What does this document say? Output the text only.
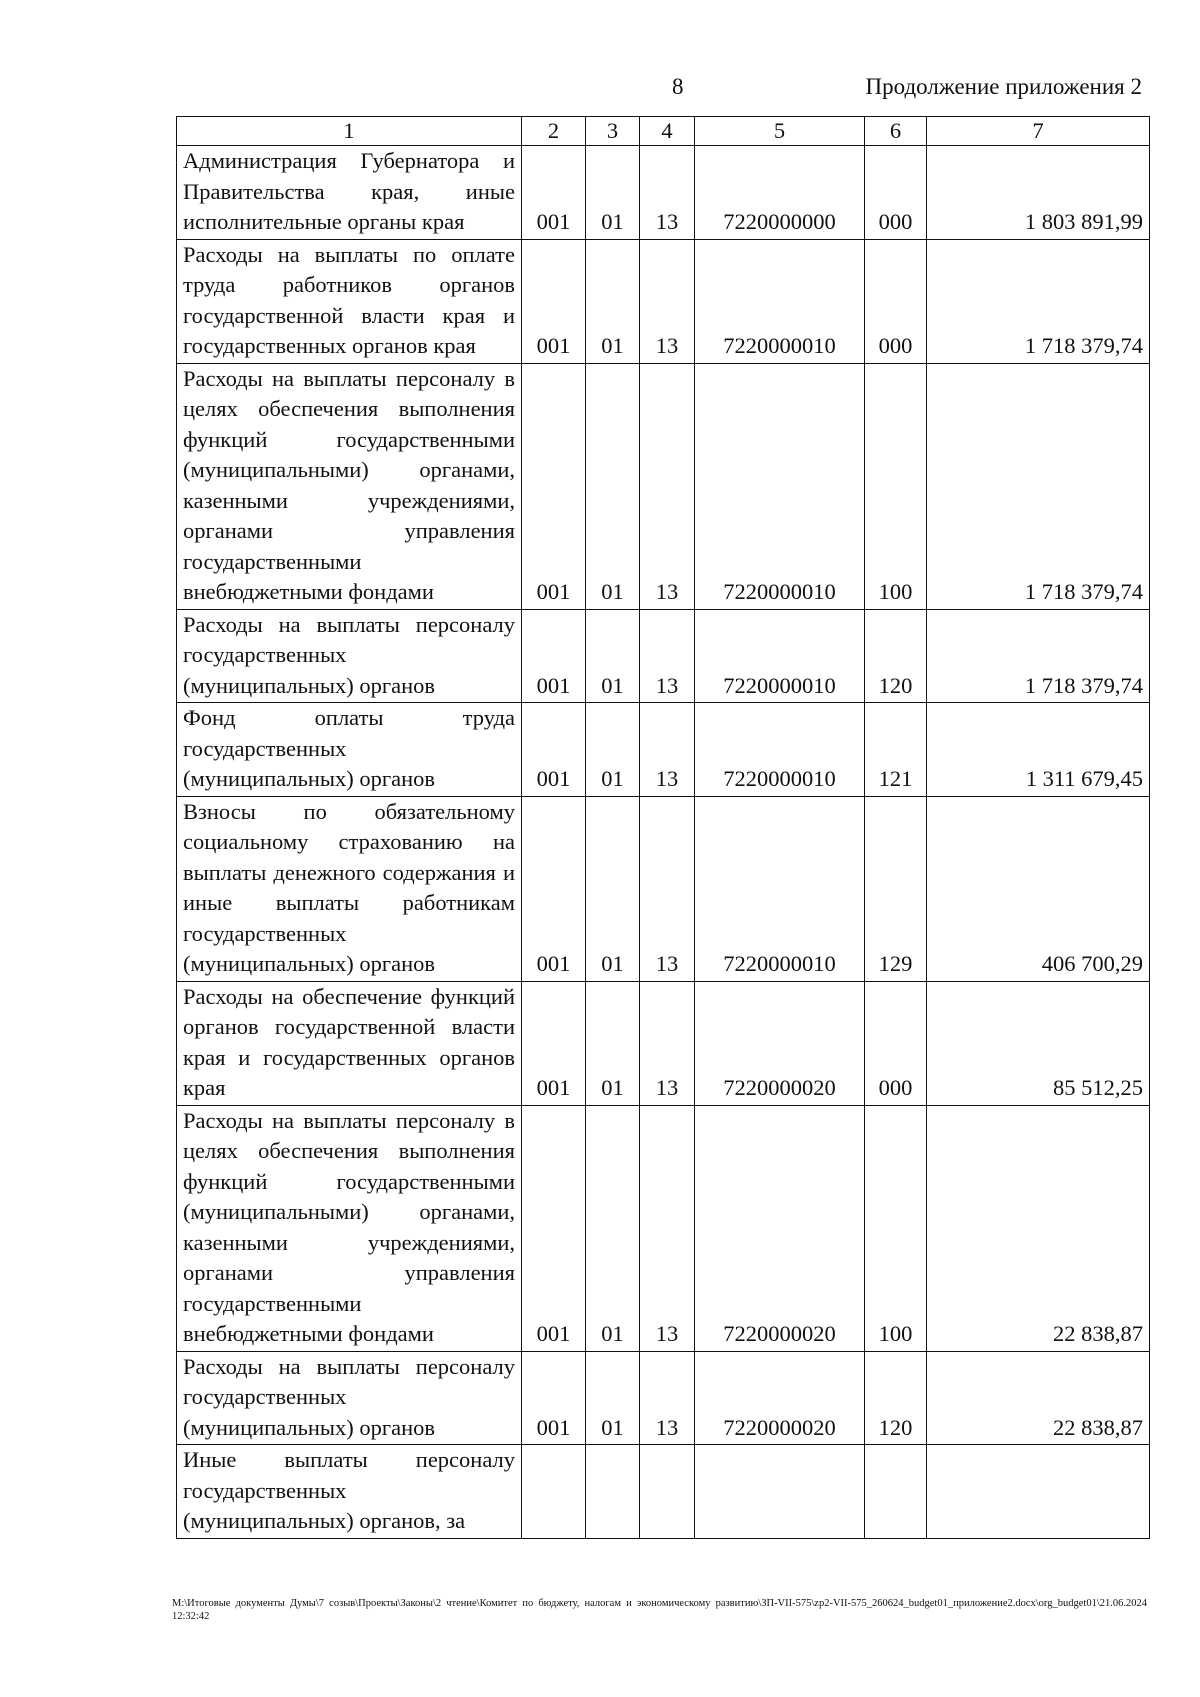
8	Продолжение приложения 2
1	2	3	4	5	6	7
Администрация Губернатора и Правительства края, иные исполнительные органы края	001	01	13	7220000000	000	1 803 891,99
Расходы на выплаты по оплате труда работников органов государственной власти края и государственных органов края	001	01	13	7220000010	000	1 718 379,74
Расходы на выплаты персоналу в целях обеспечения выполнения функций государственными (муниципальными) органами, казенными учреждениями, органами управления государственными внебюджетными фондами	001	01	13	7220000010	100	1 718 379,74
Расходы на выплаты персоналу государственных (муниципальных) органов	001	01	13	7220000010	120	1 718 379,74
Фонд оплаты труда государственных (муниципальных) органов	001	01	13	7220000010	121	1 311 679,45
Взносы по обязательному социальному страхованию на выплаты денежного содержания и иные выплаты работникам государственных (муниципальных) органов	001	01	13	7220000010	129	406 700,29
Расходы на обеспечение функций органов государственной власти края и государственных органов края	001	01	13	7220000020	000	85 512,25
Расходы на выплаты персоналу в целях обеспечения выполнения функций государственными (муниципальными) органами, казенными учреждениями, органами управления государственными внебюджетными фондами	001	01	13	7220000020	100	22 838,87
Расходы на выплаты персоналу государственных (муниципальных) органов	001	01	13	7220000020	120	22 838,87
Иные выплаты персоналу государственных (муниципальных) органов, за						
M:\Итоговые документы Думы\7 созыв\Проекты\Законы\2 чтение\Комитет по бюджету, налогам и экономическому развитию\ЗП-VII-575\zp2-VII-575_260624_budget01_приложение2.docx\org_budget01\21.06.2024 12:32:42
